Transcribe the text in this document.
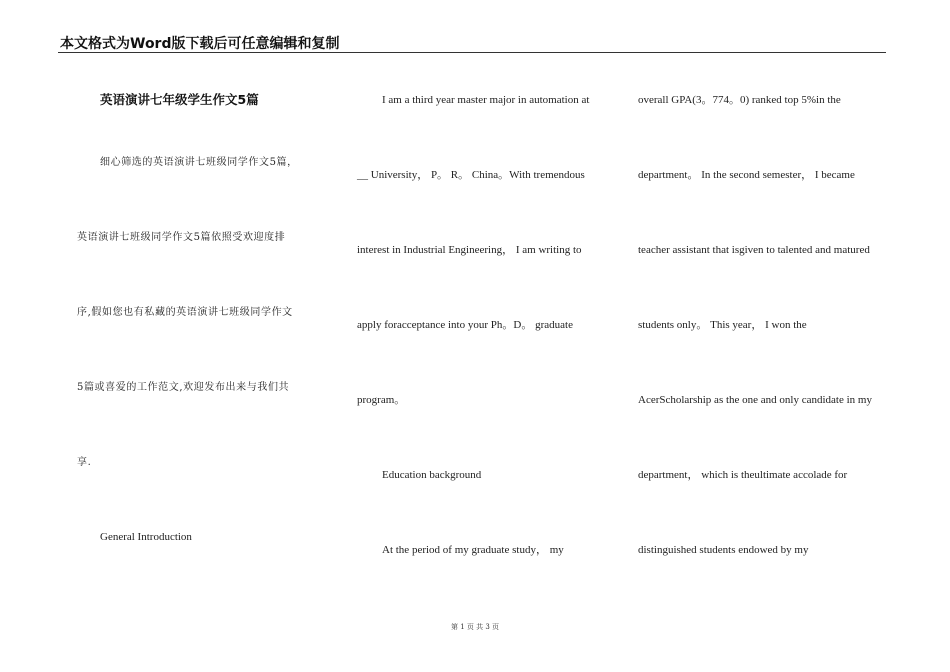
本文格式为Word版下载后可任意编辑和复制
英语演讲七年级学生作文5篇
细心筛选的英语演讲七班级同学作文5篇，
英语演讲七班级同学作文5篇依照受欢迎度排
序,假如您也有私藏的英语演讲七班级同学作文
5篇或喜爱的工作范文,欢迎发布出来与我们共
享.
General Introduction
I am a third year master major in automation at
__ University， P。 R。 China。With tremendous
interest in Industrial Engineering， I am writing to
apply foracceptance into your Ph。D。 graduate
program。
Education background
At the period of my graduate study， my
overall GPA(3。774。0) ranked top 5%in the
department。 In the second semester， I became
teacher assistant that isgiven to talented and matured
students only。 This year， I won the
AcerScholarship as the one and only candidate in my
department， which is theultimate accolade for
distinguished students endowed by my
第 1 页 共 3 页
